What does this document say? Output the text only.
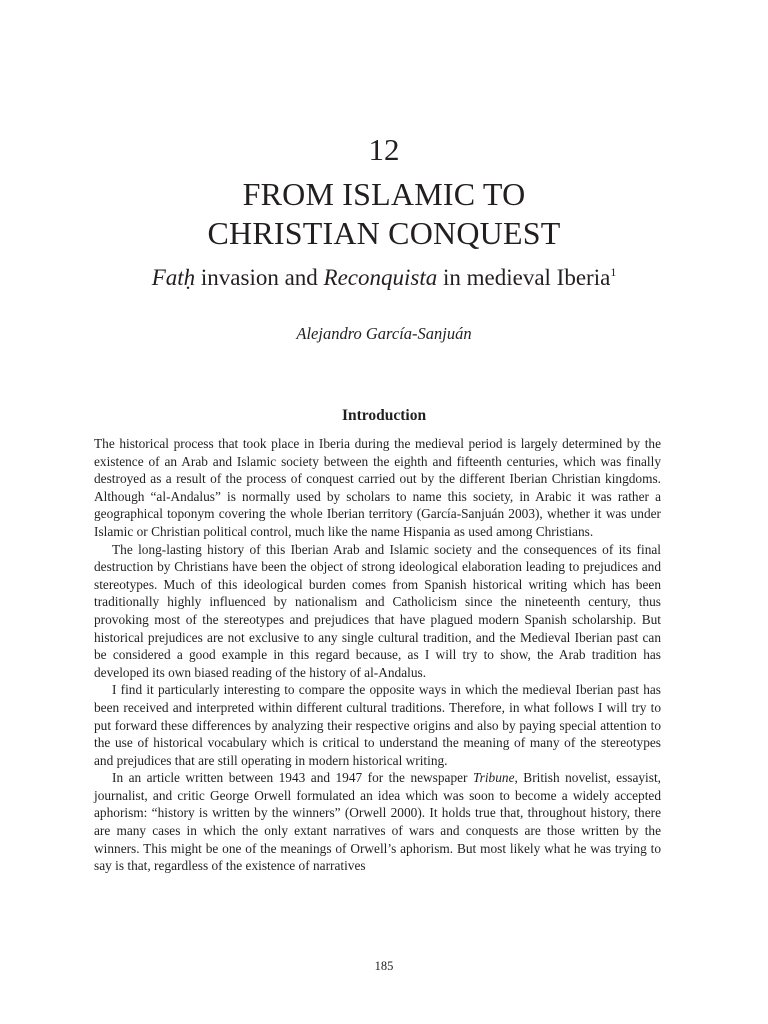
12
FROM ISLAMIC TO
CHRISTIAN CONQUEST
Fatḥ invasion and Reconquista in medieval Iberia$^1$
Alejandro García-Sanjuán
Introduction

The historical process that took place in Iberia during the medieval period is largely determined by the existence of an Arab and Islamic society between the eighth and fifteenth centuries, which was finally destroyed as a result of the process of conquest carried out by the different Iberian Christian kingdoms. Although “al-Andalus” is normally used by scholars to name this society, in Arabic it was rather a geographical toponym covering the whole Iberian territory (García-Sanjuán 2003), whether it was under Islamic or Christian political control, much like the name Hispania as used among Christians.

The long-lasting history of this Iberian Arab and Islamic society and the consequences of its final destruction by Christians have been the object of strong ideological elaboration leading to prejudices and stereotypes. Much of this ideological burden comes from Spanish historical writing which has been traditionally highly influenced by nationalism and Catholicism since the nineteenth century, thus provoking most of the stereotypes and prejudices that have plagued modern Spanish scholarship. But historical prejudices are not exclusive to any single cultural tradition, and the Medieval Iberian past can be considered a good example in this regard because, as I will try to show, the Arab tradition has developed its own biased reading of the history of al-Andalus.

I find it particularly interesting to compare the opposite ways in which the medieval Iberian past has been received and interpreted within different cultural traditions. Therefore, in what follows I will try to put forward these differences by analyzing their respective origins and also by paying special attention to the use of historical vocabulary which is critical to understand the meaning of many of the stereotypes and prejudices that are still operating in modern historical writing.

In an article written between 1943 and 1947 for the newspaper Tribune, British novelist, essayist, journalist, and critic George Orwell formulated an idea which was soon to become a widely accepted aphorism: “history is written by the winners” (Orwell 2000). It holds true that, throughout history, there are many cases in which the only extant narratives of wars and conquests are those written by the winners. This might be one of the meanings of Orwell’s aphorism. But most likely what he was trying to say is that, regardless of the existence of narratives

185
